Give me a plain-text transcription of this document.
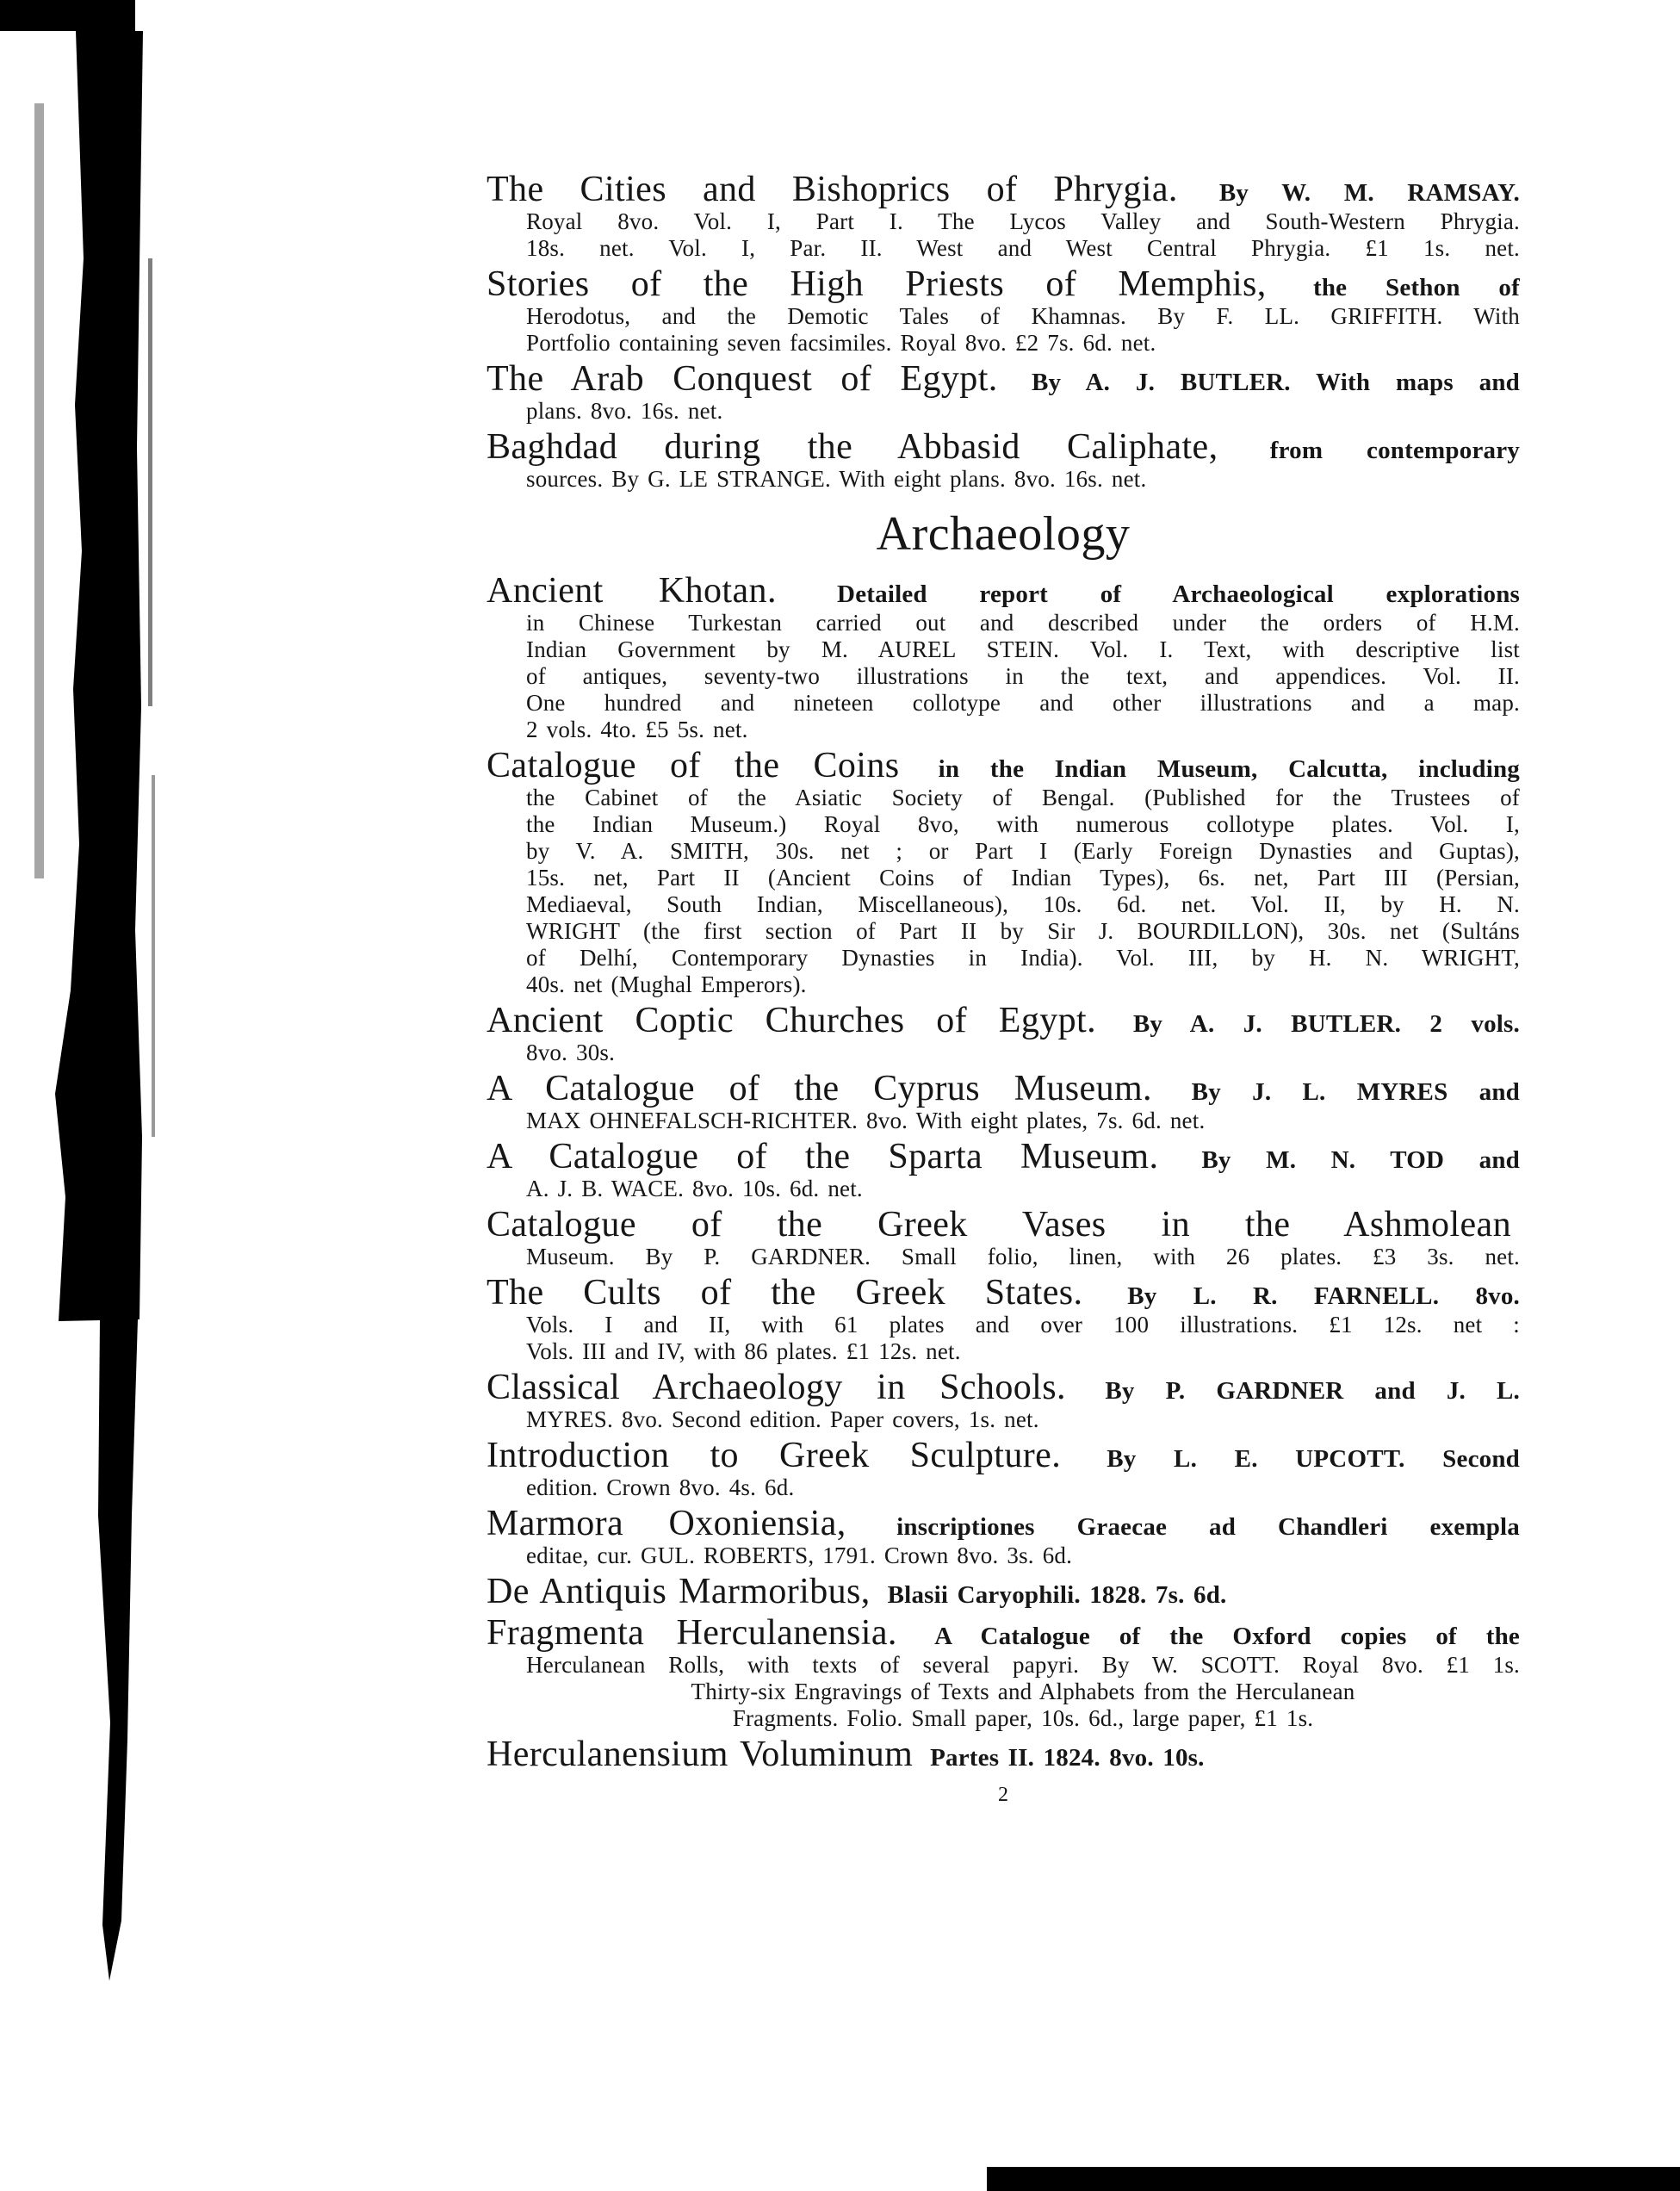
The Cities and Bishoprics of Phrygia. By W. M. RAMSAY.
Royal 8vo. Vol. I, Part I. The Lycos Valley and South-Western Phrygia.
18s. net. Vol. I, Par. II. West and West Central Phrygia. £1 1s. net.
Stories of the High Priests of Memphis, the Sethon of
Herodotus, and the Demotic Tales of Khamnas. By F. LL. GRIFFITH. With
Portfolio containing seven facsimiles. Royal 8vo. £2 7s. 6d. net.
The Arab Conquest of Egypt. By A. J. BUTLER. With maps and
plans. 8vo. 16s. net.
Baghdad during the Abbasid Caliphate, from contemporary
sources. By G. LE STRANGE. With eight plans. 8vo. 16s. net.
Archaeology
Ancient Khotan. Detailed report of Archaeological explorations
in Chinese Turkestan carried out and described under the orders of H.M.
Indian Government by M. AUREL STEIN. Vol. I. Text, with descriptive list
of antiques, seventy-two illustrations in the text, and appendices. Vol. II.
One hundred and nineteen collotype and other illustrations and a map.
2 vols. 4to. £5 5s. net.
Catalogue of the Coins in the Indian Museum, Calcutta, including
the Cabinet of the Asiatic Society of Bengal. (Published for the Trustees of
the Indian Museum.) Royal 8vo, with numerous collotype plates. Vol. I,
by V. A. SMITH, 30s. net ; or Part I (Early Foreign Dynasties and Guptas),
15s. net, Part II (Ancient Coins of Indian Types), 6s. net, Part III (Persian,
Mediaeval, South Indian, Miscellaneous), 10s. 6d. net. Vol. II, by H. N.
WRIGHT (the first section of Part II by Sir J. BOURDILLON), 30s. net (Sultáns
of Delhí, Contemporary Dynasties in India). Vol. III, by H. N. WRIGHT,
40s. net (Mughal Emperors).
Ancient Coptic Churches of Egypt. By A. J. BUTLER. 2 vols.
8vo. 30s.
A Catalogue of the Cyprus Museum. By J. L. MYRES and
MAX OHNEFALSCH-RICHTER. 8vo. With eight plates, 7s. 6d. net.
A Catalogue of the Sparta Museum. By M. N. TOD and
A. J. B. WACE. 8vo. 10s. 6d. net.
Catalogue of the Greek Vases in the Ashmolean
Museum. By P. GARDNER. Small folio, linen, with 26 plates. £3 3s. net.
The Cults of the Greek States. By L. R. FARNELL. 8vo.
Vols. I and II, with 61 plates and over 100 illustrations. £1 12s. net :
Vols. III and IV, with 86 plates. £1 12s. net.
Classical Archaeology in Schools. By P. GARDNER and J. L.
MYRES. 8vo. Second edition. Paper covers, 1s. net.
Introduction to Greek Sculpture. By L. E. UPCOTT. Second
edition. Crown 8vo. 4s. 6d.
Marmora Oxoniensia, inscriptiones Graecae ad Chandleri exempla
editae, cur. GUL. ROBERTS, 1791. Crown 8vo. 3s. 6d.
De Antiquis Marmoribus, Blasii Caryophili. 1828. 7s. 6d.
Fragmenta Herculanensia. A Catalogue of the Oxford copies of the
Herculanean Rolls, with texts of several papyri. By W. SCOTT. Royal 8vo. £1 1s.
Thirty-six Engravings of Texts and Alphabets from the Herculanean
Fragments. Folio. Small paper, 10s. 6d., large paper, £1 1s.
Herculanensium Voluminum Partes II. 1824. 8vo. 10s.
2
